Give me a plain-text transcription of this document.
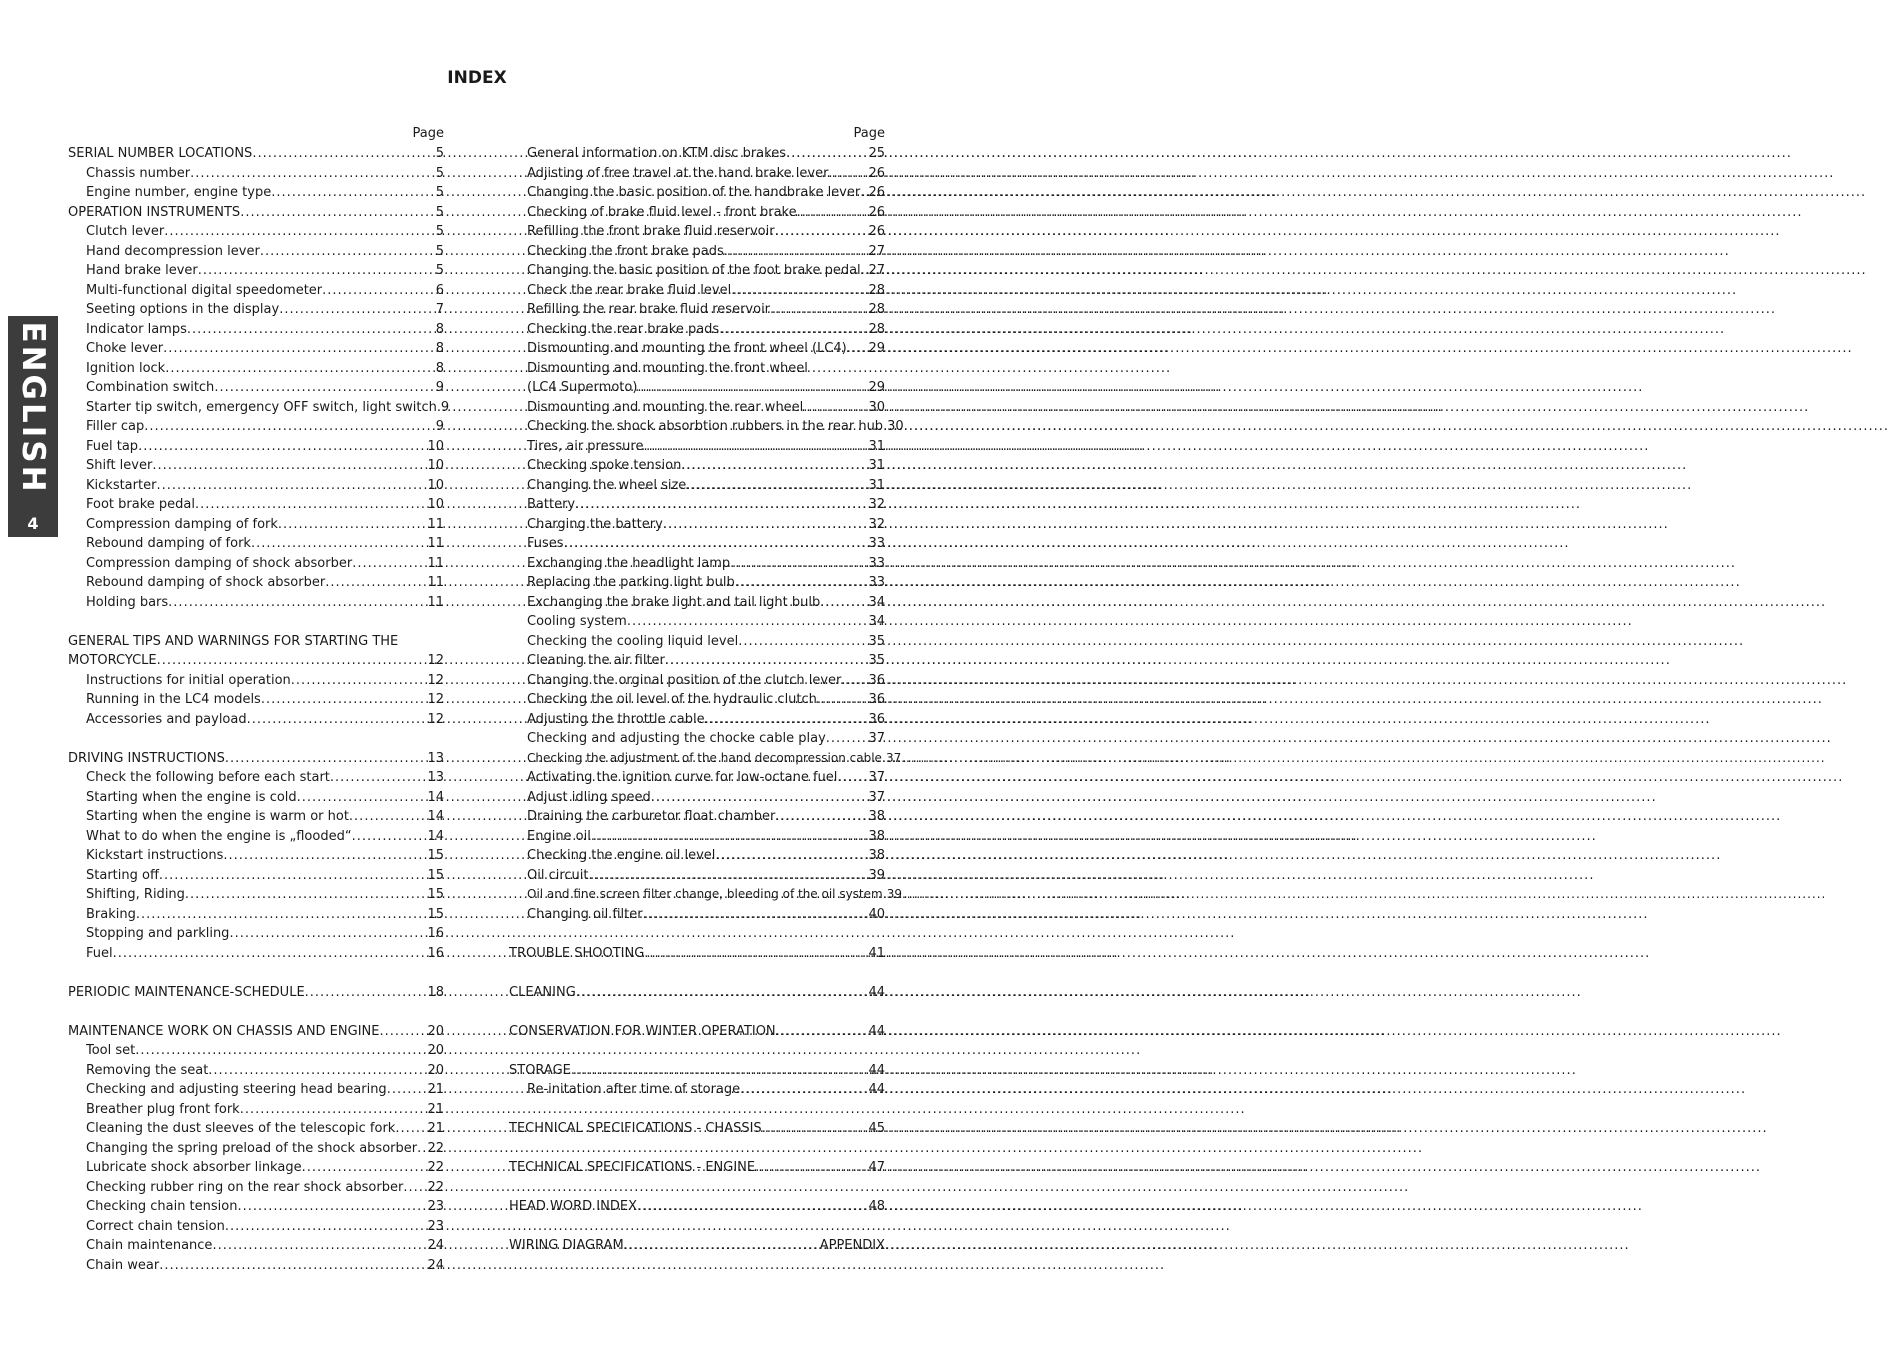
INDEX
ENGLISH
4
Page
SERIAL NUMBER LOCATIONS .....	5
Chassis number .....	5
Engine number, engine type .....	5
OPERATION INSTRUMENTS .....	5
Clutch lever .....	5
Hand decompression lever .....	5
Hand brake lever .....	5
Multi-functional digital speedometer .....	6
Seeting options in the display .....	7
Indicator lamps .....	8
Choke lever .....	8
Ignition lock .....	8
Combination switch .....	9
Starter tip switch, emergency OFF switch, light switch ..... 9
Filler cap .....	9
Fuel tap .....	10
Shift lever .....	10
Kickstarter .....	10
Foot brake pedal .....	10
Compression damping of fork .....	11
Rebound damping of fork .....	11
Compression damping of shock absorber .....	11
Rebound damping of shock absorber .....	11
Holding bars .....	11
GENERAL TIPS AND WARNINGS FOR STARTING THE
MOTORCYCLE .....	12
Instructions for initial operation .....	12
Running in the LC4 models .....	12
Accessories and payload .....	12
DRIVING INSTRUCTIONS .....	13
Check the following before each start .....	13
Starting when the engine is cold .....	14
Starting when the engine is warm or hot .....	14
What to do when the engine is „flooded“ .....	14
Kickstart instructions .....	15
Starting off .....	15
Shifting, Riding .....	15
Braking .....	15
Stopping and parkling .....	16
Fuel .....	16
PERIODIC MAINTENANCE-SCHEDULE .....	18
MAINTENANCE WORK ON CHASSIS AND ENGINE .....	20
Tool set .....	20
Removing the seat .....	20
Checking and adjusting steering head bearing .....	21
Breather plug front fork .....	21
Cleaning the dust sleeves of the telescopic fork ..... 21
Changing the spring preload of the shock absorber ..... 22
Lubricate shock absorber linkage .....	22
Checking rubber ring on the rear shock absorber ..... 22
Checking chain tension .....	23
Correct chain tension .....	23
Chain maintenance .....	24
Chain wear .....	24
Page
General information on KTM disc brakes .....	25
Adjisting of free travel at the hand brake lever .....	26
Changing the basic position of the handbrake lever ..... 26
Checking of brake fluid level - front brake .....	26
Refilling the front brake fluid reservoir .....	26
Checking the front brake pads .....	27
Changing the basic position of the foot brake pedal ..... 27
Check the rear brake fluid level .....	28
Refilling the rear brake fluid reservoir .....	28
Checking the rear brake pads .....	28
Dismounting and mounting the front wheel (LC4) ..... 29
Dismounting and mounting the front wheel
(LC4 Supermoto) .....	29
Dismounting and mounting the rear wheel .....	30
Checking the shock absorbtion rubbers in the rear hub ..... 30
Tires, air pressure .....	31
Checking spoke tension .....	31
Changing the wheel size .....	31
Battery .....	32
Charging the battery .....	32
Fuses .....	33
Exchanging the headlight lamp .....	33
Replacing the parking light bulb .....	33
Exchanging the brake light and tail light bulb .....	34
Cooling system .....	34
Checking the cooling liquid level .....	35
Cleaning the air filter .....	35
Changing the orginal position of the clutch lever ..... 36
Checking the oil level of the hydraulic clutch .....	36
Adjusting the throttle cable .....	36
Checking and adjusting the chocke cable play .....	37
Checking the adjustment of the hand decompression cable ..... 37
Activating the ignition curve for low-octane fuel ..... 37
Adjust idling speed .....	37
Draining the carburetor float chamber .....	38
Engine oil .....	38
Checking the engine oil level .....	38
Oil circuit .....	39
Oil and fine screen filter change, bleeding of the oil system ..... 39
Changing oil filter .....	40
TROUBLE SHOOTING .....	41
CLEANING .....	44
CONSERVATION FOR WINTER OPERATION .....	44
STORAGE .....	44
Re-initation after time of storage .....	44
TECHNICAL SPECIFICATIONS - CHASSIS .....	45
TECHNICAL SPECIFICATIONS - ENGINE .....	47
HEAD WORD INDEX .....	48
WIRING DIAGRAM .....	APPENDIX
